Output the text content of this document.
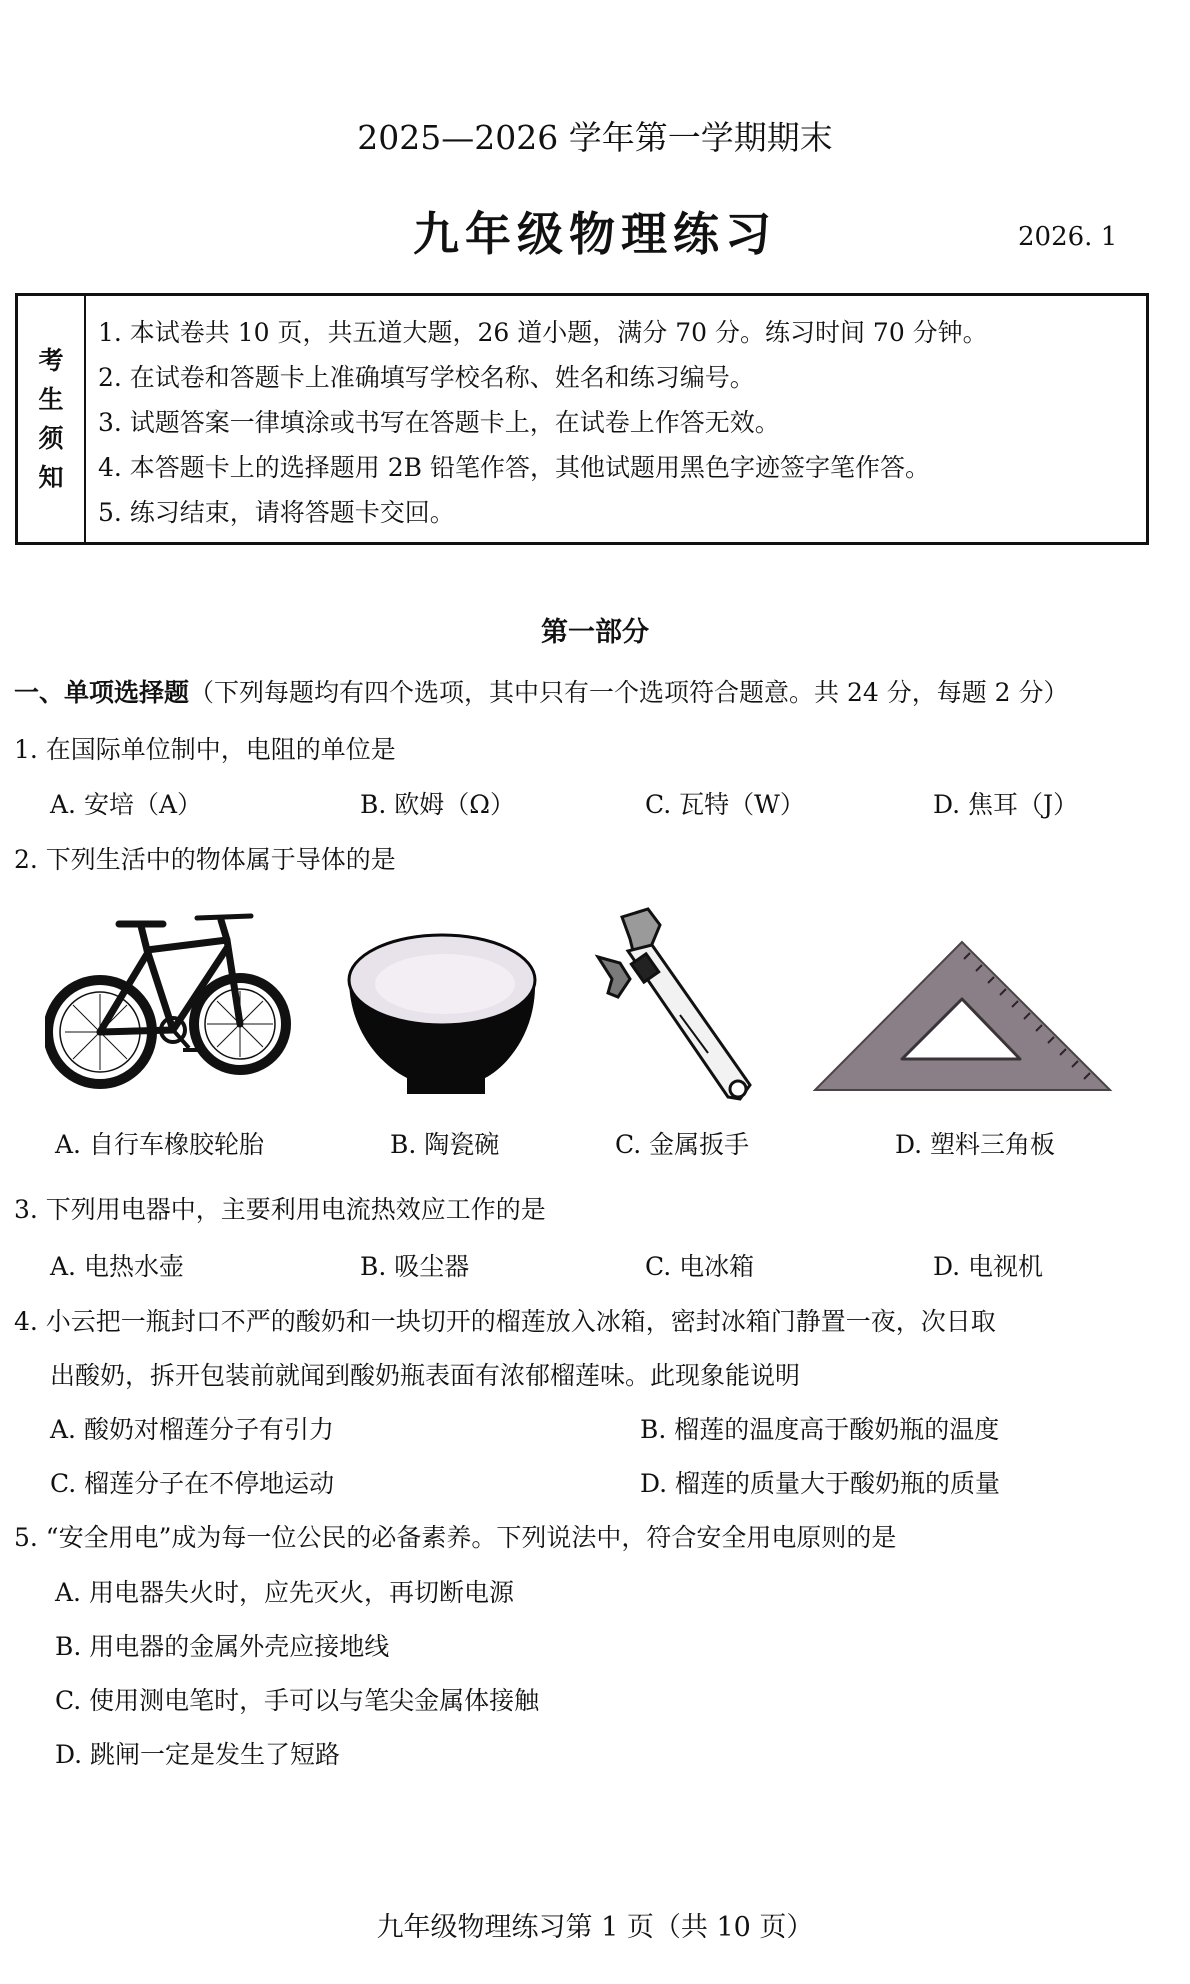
2025—2026 学年第一学期期末
九年级物理练习	2026. 1
考
生
须
知
1. 本试卷共 10 页，共五道大题，26 道小题，满分 70 分。练习时间 70 分钟。
2. 在试卷和答题卡上准确填写学校名称、姓名和练习编号。
3. 试题答案一律填涂或书写在答题卡上，在试卷上作答无效。
4. 本答题卡上的选择题用 2B 铅笔作答，其他试题用黑色字迹签字笔作答。
5. 练习结束，请将答题卡交回。
第一部分
一、单项选择题（下列每题均有四个选项，其中只有一个选项符合题意。共 24 分，每题 2 分）
1. 在国际单位制中，电阻的单位是
A. 安培（A）	B. 欧姆（Ω）	C. 瓦特（W）	D. 焦耳（J）
2. 下列生活中的物体属于导体的是
A. 自行车橡胶轮胎	B. 陶瓷碗	C. 金属扳手	D. 塑料三角板
3. 下列用电器中，主要利用电流热效应工作的是
A. 电热水壶	B. 吸尘器	C. 电冰箱	D. 电视机
4. 小云把一瓶封口不严的酸奶和一块切开的榴莲放入冰箱，密封冰箱门静置一夜，次日取
出酸奶，拆开包装前就闻到酸奶瓶表面有浓郁榴莲味。此现象能说明
A. 酸奶对榴莲分子有引力	B. 榴莲的温度高于酸奶瓶的温度
C. 榴莲分子在不停地运动	D. 榴莲的质量大于酸奶瓶的质量
5. “安全用电”成为每一位公民的必备素养。下列说法中，符合安全用电原则的是
A. 用电器失火时，应先灭火，再切断电源
B. 用电器的金属外壳应接地线
C. 使用测电笔时，手可以与笔尖金属体接触
D. 跳闸一定是发生了短路
九年级物理练习第 1 页（共 10 页）
